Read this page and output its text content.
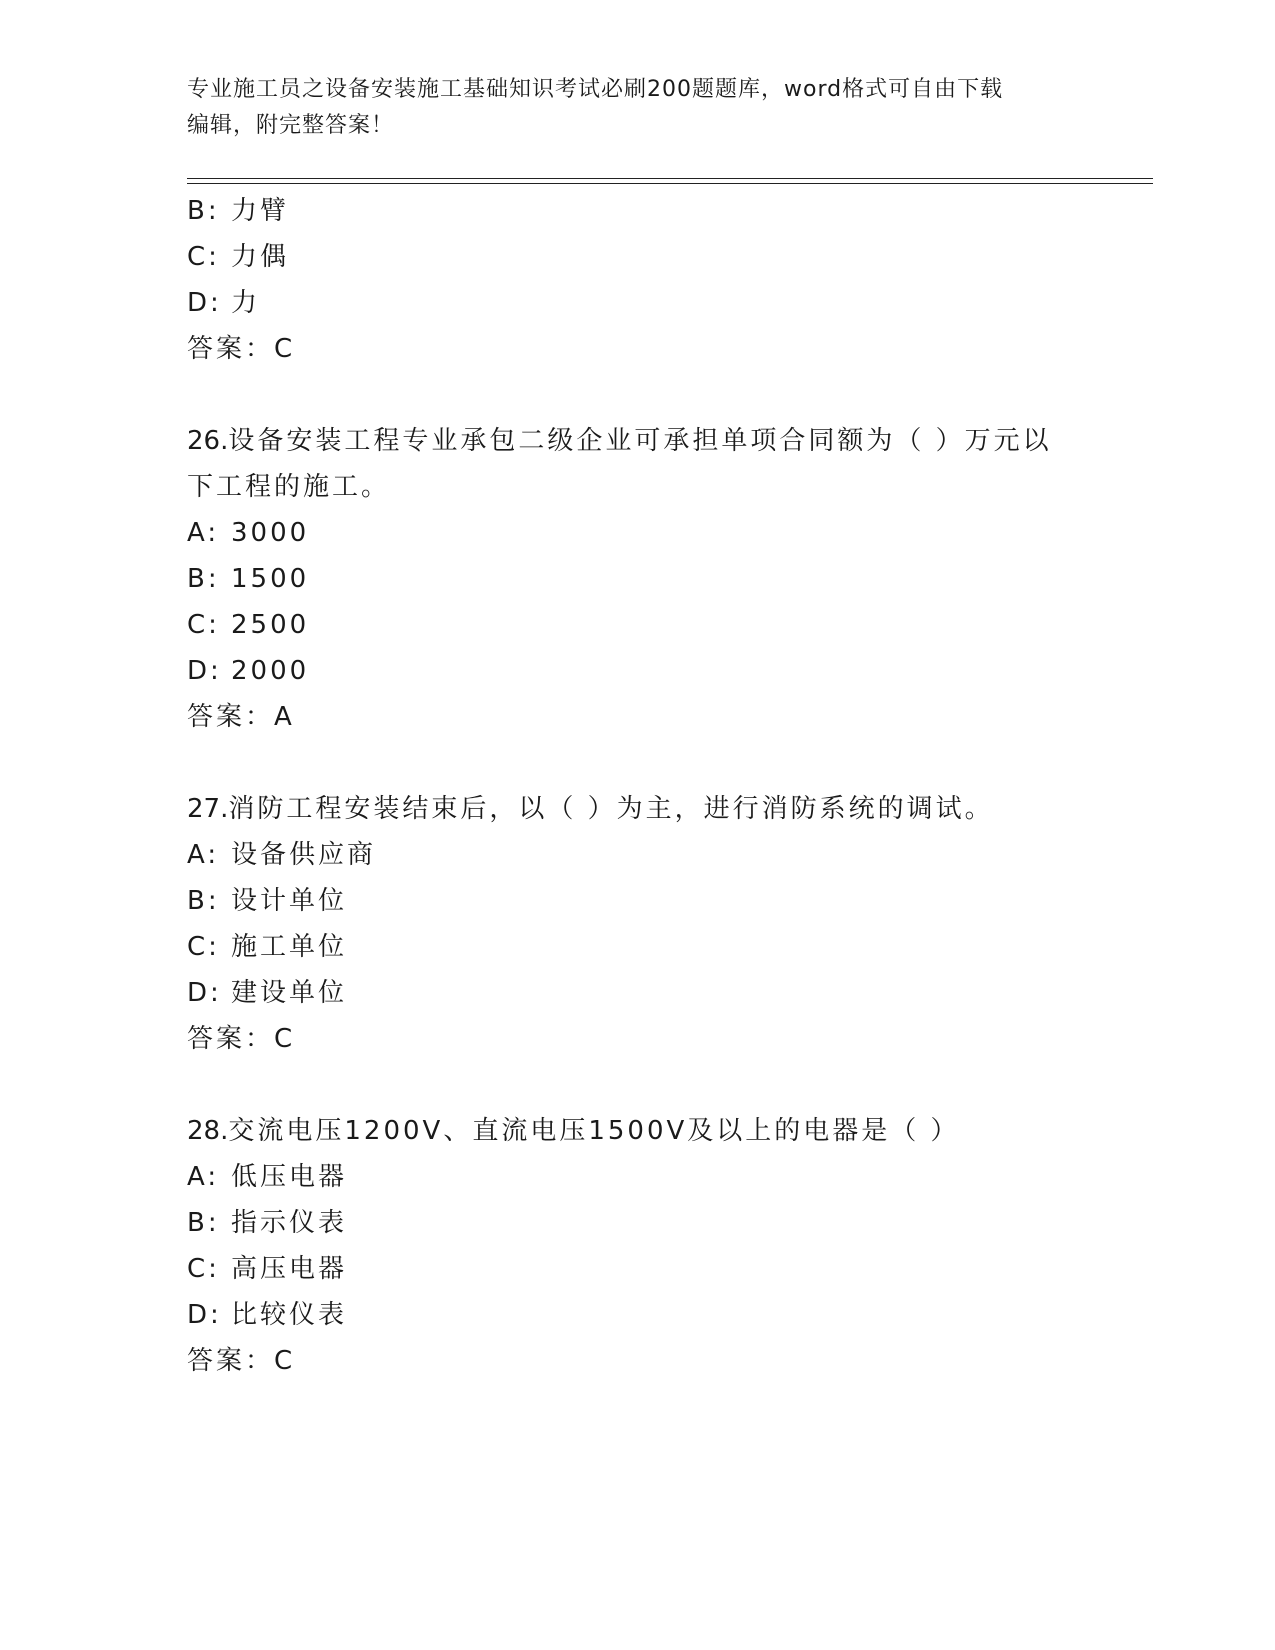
专业施工员之设备安装施工基础知识考试必刷200题题库，word格式可自由下载
编辑，附完整答案！
B: 力臂
C: 力偶
D: 力
答案：C
26.设备安装工程专业承包二级企业可承担单项合同额为（ ）万元以
下工程的施工。
A: 3000
B: 1500
C: 2500
D: 2000
答案：A
27.消防工程安装结束后，以（ ）为主，进行消防系统的调试。
A: 设备供应商
B: 设计单位
C: 施工单位
D: 建设单位
答案：C
28.交流电压1200V、直流电压1500V及以上的电器是（ ）
A: 低压电器
B: 指示仪表
C: 高压电器
D: 比较仪表
答案：C
